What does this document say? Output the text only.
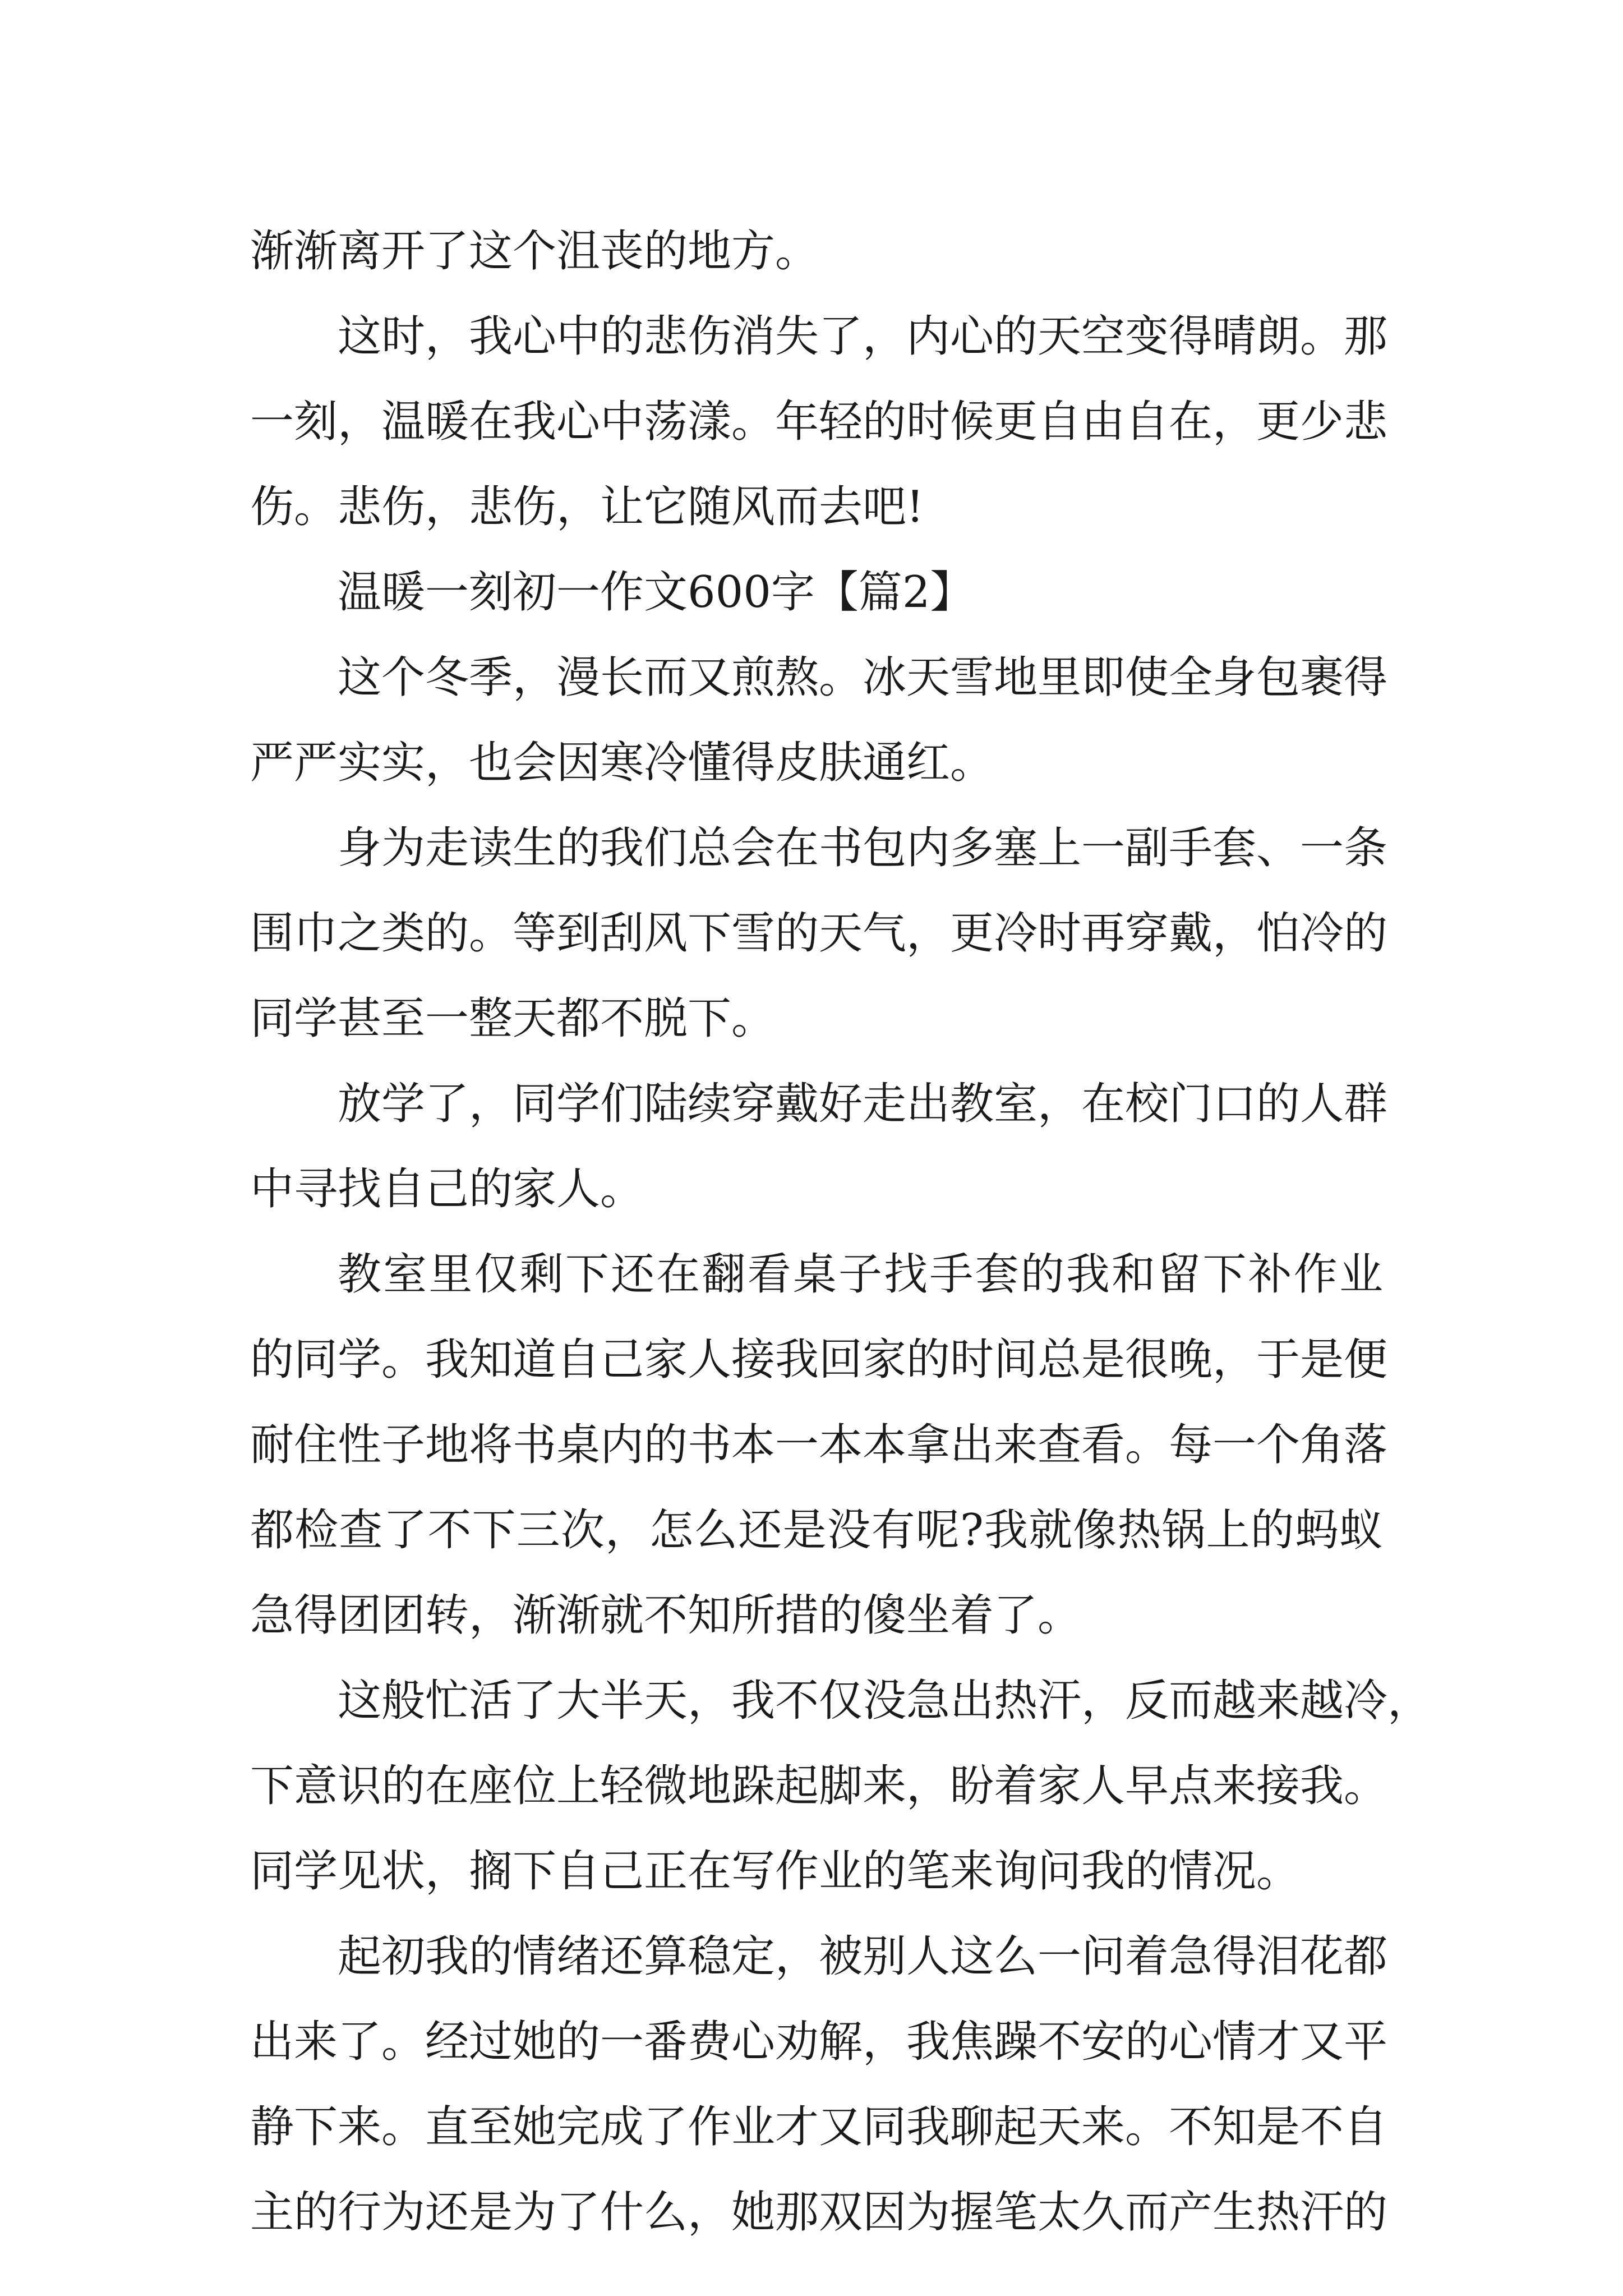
渐渐离开了这个沮丧的地方。
这时，我心中的悲伤消失了，内心的天空变得晴朗。那
一刻，温暖在我心中荡漾。年轻的时候更自由自在，更少悲
伤。悲伤，悲伤，让它随风而去吧!
温暖一刻初一作文600字【篇2】
这个冬季，漫长而又煎熬。冰天雪地里即使全身包裹得
严严实实，也会因寒冷懂得皮肤通红。
身为走读生的我们总会在书包内多塞上一副手套、一条
围巾之类的。等到刮风下雪的天气，更冷时再穿戴，怕冷的
同学甚至一整天都不脱下。
放学了，同学们陆续穿戴好走出教室，在校门口的人群
中寻找自己的家人。
教室里仅剩下还在翻看桌子找手套的我和留下补作业
的同学。我知道自己家人接我回家的时间总是很晚，于是便
耐住性子地将书桌内的书本一本本拿出来查看。每一个角落
都检查了不下三次，怎么还是没有呢?我就像热锅上的蚂蚁
急得团团转，渐渐就不知所措的傻坐着了。
这般忙活了大半天，我不仅没急出热汗，反而越来越冷，
下意识的在座位上轻微地跺起脚来，盼着家人早点来接我。
同学见状，搁下自己正在写作业的笔来询问我的情况。
起初我的情绪还算稳定，被别人这么一问着急得泪花都
出来了。经过她的一番费心劝解，我焦躁不安的心情才又平
静下来。直至她完成了作业才又同我聊起天来。不知是不自
主的行为还是为了什么，她那双因为握笔太久而产生热汗的
